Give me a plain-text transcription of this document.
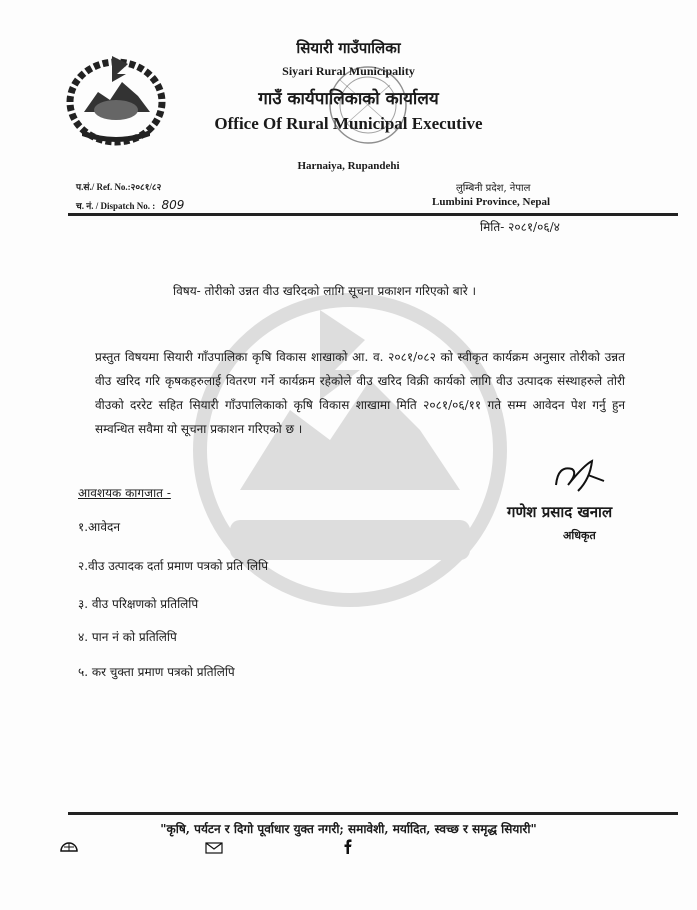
सियारी गाउँपालिका
Siyari Rural Municipality
गाउँ कार्यपालिकाको कार्यालय
Office Of Rural Municipal Executive
Harnaiya, Rupandehi
प.सं./ Ref. No.:२०८१/८२
च. नं. / Dispatch No. : 809
लुम्बिनी प्रदेश, नेपाल
Lumbini Province, Nepal
मिति- २०८१/०६/४
विषय- तोरीको उन्नत वीउ खरिदको लागि सूचना प्रकाशन गरिएको बारे ।
प्रस्तुत विषयमा सियारी गाँउपालिका कृषि विकास शाखाको आ. व. २०८१/०८२ को स्वीकृत कार्यक्रम अनुसार तोरीको उन्नत वीउ खरिद गरि कृषकहरुलाई वितरण गर्ने कार्यक्रम रहेकोले वीउ खरिद विक्री कार्यको लागि वीउ उत्पादक संस्थाहरुले तोरी वीउको दररेट सहित सियारी गाँउपालिकाको कृषि विकास शाखामा मिति २०८१/०६/११ गते सम्म आवेदन पेश गर्नु हुन सम्वन्धित सवैमा यो सूचना प्रकाशन गरिएको छ ।
गणेश प्रसाद खनाल
अधिकृत
आवशयक कागजात -
१.आवेदन
२.वीउ उत्पादक दर्ता प्रमाण पत्रको प्रति लिपि
३. वीउ परिक्षणको प्रतिलिपि
४. पान नं को प्रतिलिपि
५. कर चुक्ता प्रमाण पत्रको प्रतिलिपि
"कृषि, पर्यटन र दिगो पूर्वाधार युक्त नगरी; समावेशी, मर्यादित, स्वच्छ र समृद्ध सियारी"
